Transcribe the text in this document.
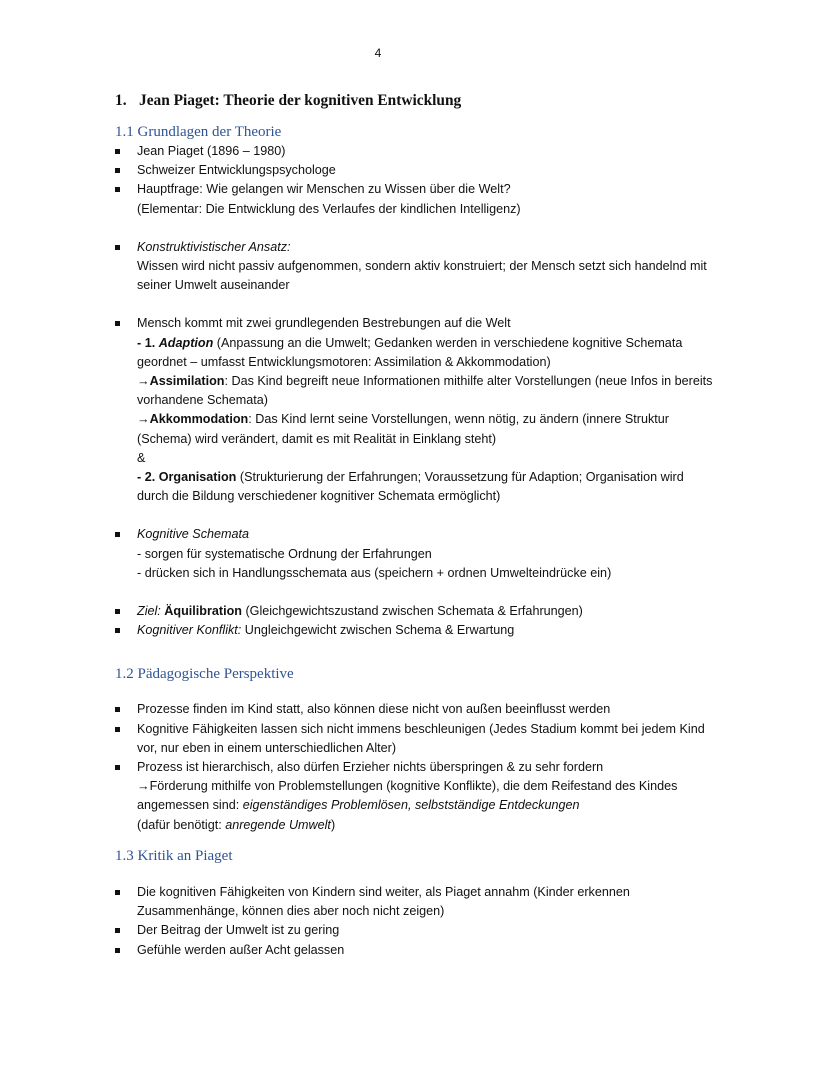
4
1. Jean Piaget: Theorie der kognitiven Entwicklung
1.1 Grundlagen der Theorie
Jean Piaget (1896 – 1980)
Schweizer Entwicklungspsychologe
Hauptfrage: Wie gelangen wir Menschen zu Wissen über die Welt?
(Elementar: Die Entwicklung des Verlaufes der kindlichen Intelligenz)
Konstruktivistischer Ansatz:
Wissen wird nicht passiv aufgenommen, sondern aktiv konstruiert; der Mensch setzt sich handelnd mit seiner Umwelt auseinander
Mensch kommt mit zwei grundlegenden Bestrebungen auf die Welt
- 1. Adaption (Anpassung an die Umwelt; Gedanken werden in verschiedene kognitive Schemata geordnet – umfasst Entwicklungsmotoren: Assimilation & Akkommodation)
→Assimilation: Das Kind begreift neue Informationen mithilfe alter Vorstellungen (neue Infos in bereits vorhandene Schemata)
→Akkommodation: Das Kind lernt seine Vorstellungen, wenn nötig, zu ändern (innere Struktur (Schema) wird verändert, damit es mit Realität in Einklang steht)
&
- 2. Organisation (Strukturierung der Erfahrungen; Voraussetzung für Adaption; Organisation wird durch die Bildung verschiedener kognitiver Schemata ermöglicht)
Kognitive Schemata
- sorgen für systematische Ordnung der Erfahrungen
- drücken sich in Handlungsschemata aus (speichern + ordnen Umwelteindrücke ein)
Ziel: Äquilibration (Gleichgewichtszustand zwischen Schemata & Erfahrungen)
Kognitiver Konflikt: Ungleichgewicht zwischen Schema & Erwartung
1.2 Pädagogische Perspektive
Prozesse finden im Kind statt, also können diese nicht von außen beeinflusst werden
Kognitive Fähigkeiten lassen sich nicht immens beschleunigen (Jedes Stadium kommt bei jedem Kind vor, nur eben in einem unterschiedlichen Alter)
Prozess ist hierarchisch, also dürfen Erzieher nichts überspringen & zu sehr fordern
→Förderung mithilfe von Problemstellungen (kognitive Konflikte), die dem Reifestand des Kindes angemessen sind: eigenständiges Problemlösen, selbstständige Entdeckungen
(dafür benötigt: anregende Umwelt)
1.3 Kritik an Piaget
Die kognitiven Fähigkeiten von Kindern sind weiter, als Piaget annahm (Kinder erkennen Zusammenhänge, können dies aber noch nicht zeigen)
Der Beitrag der Umwelt ist zu gering
Gefühle werden außer Acht gelassen
